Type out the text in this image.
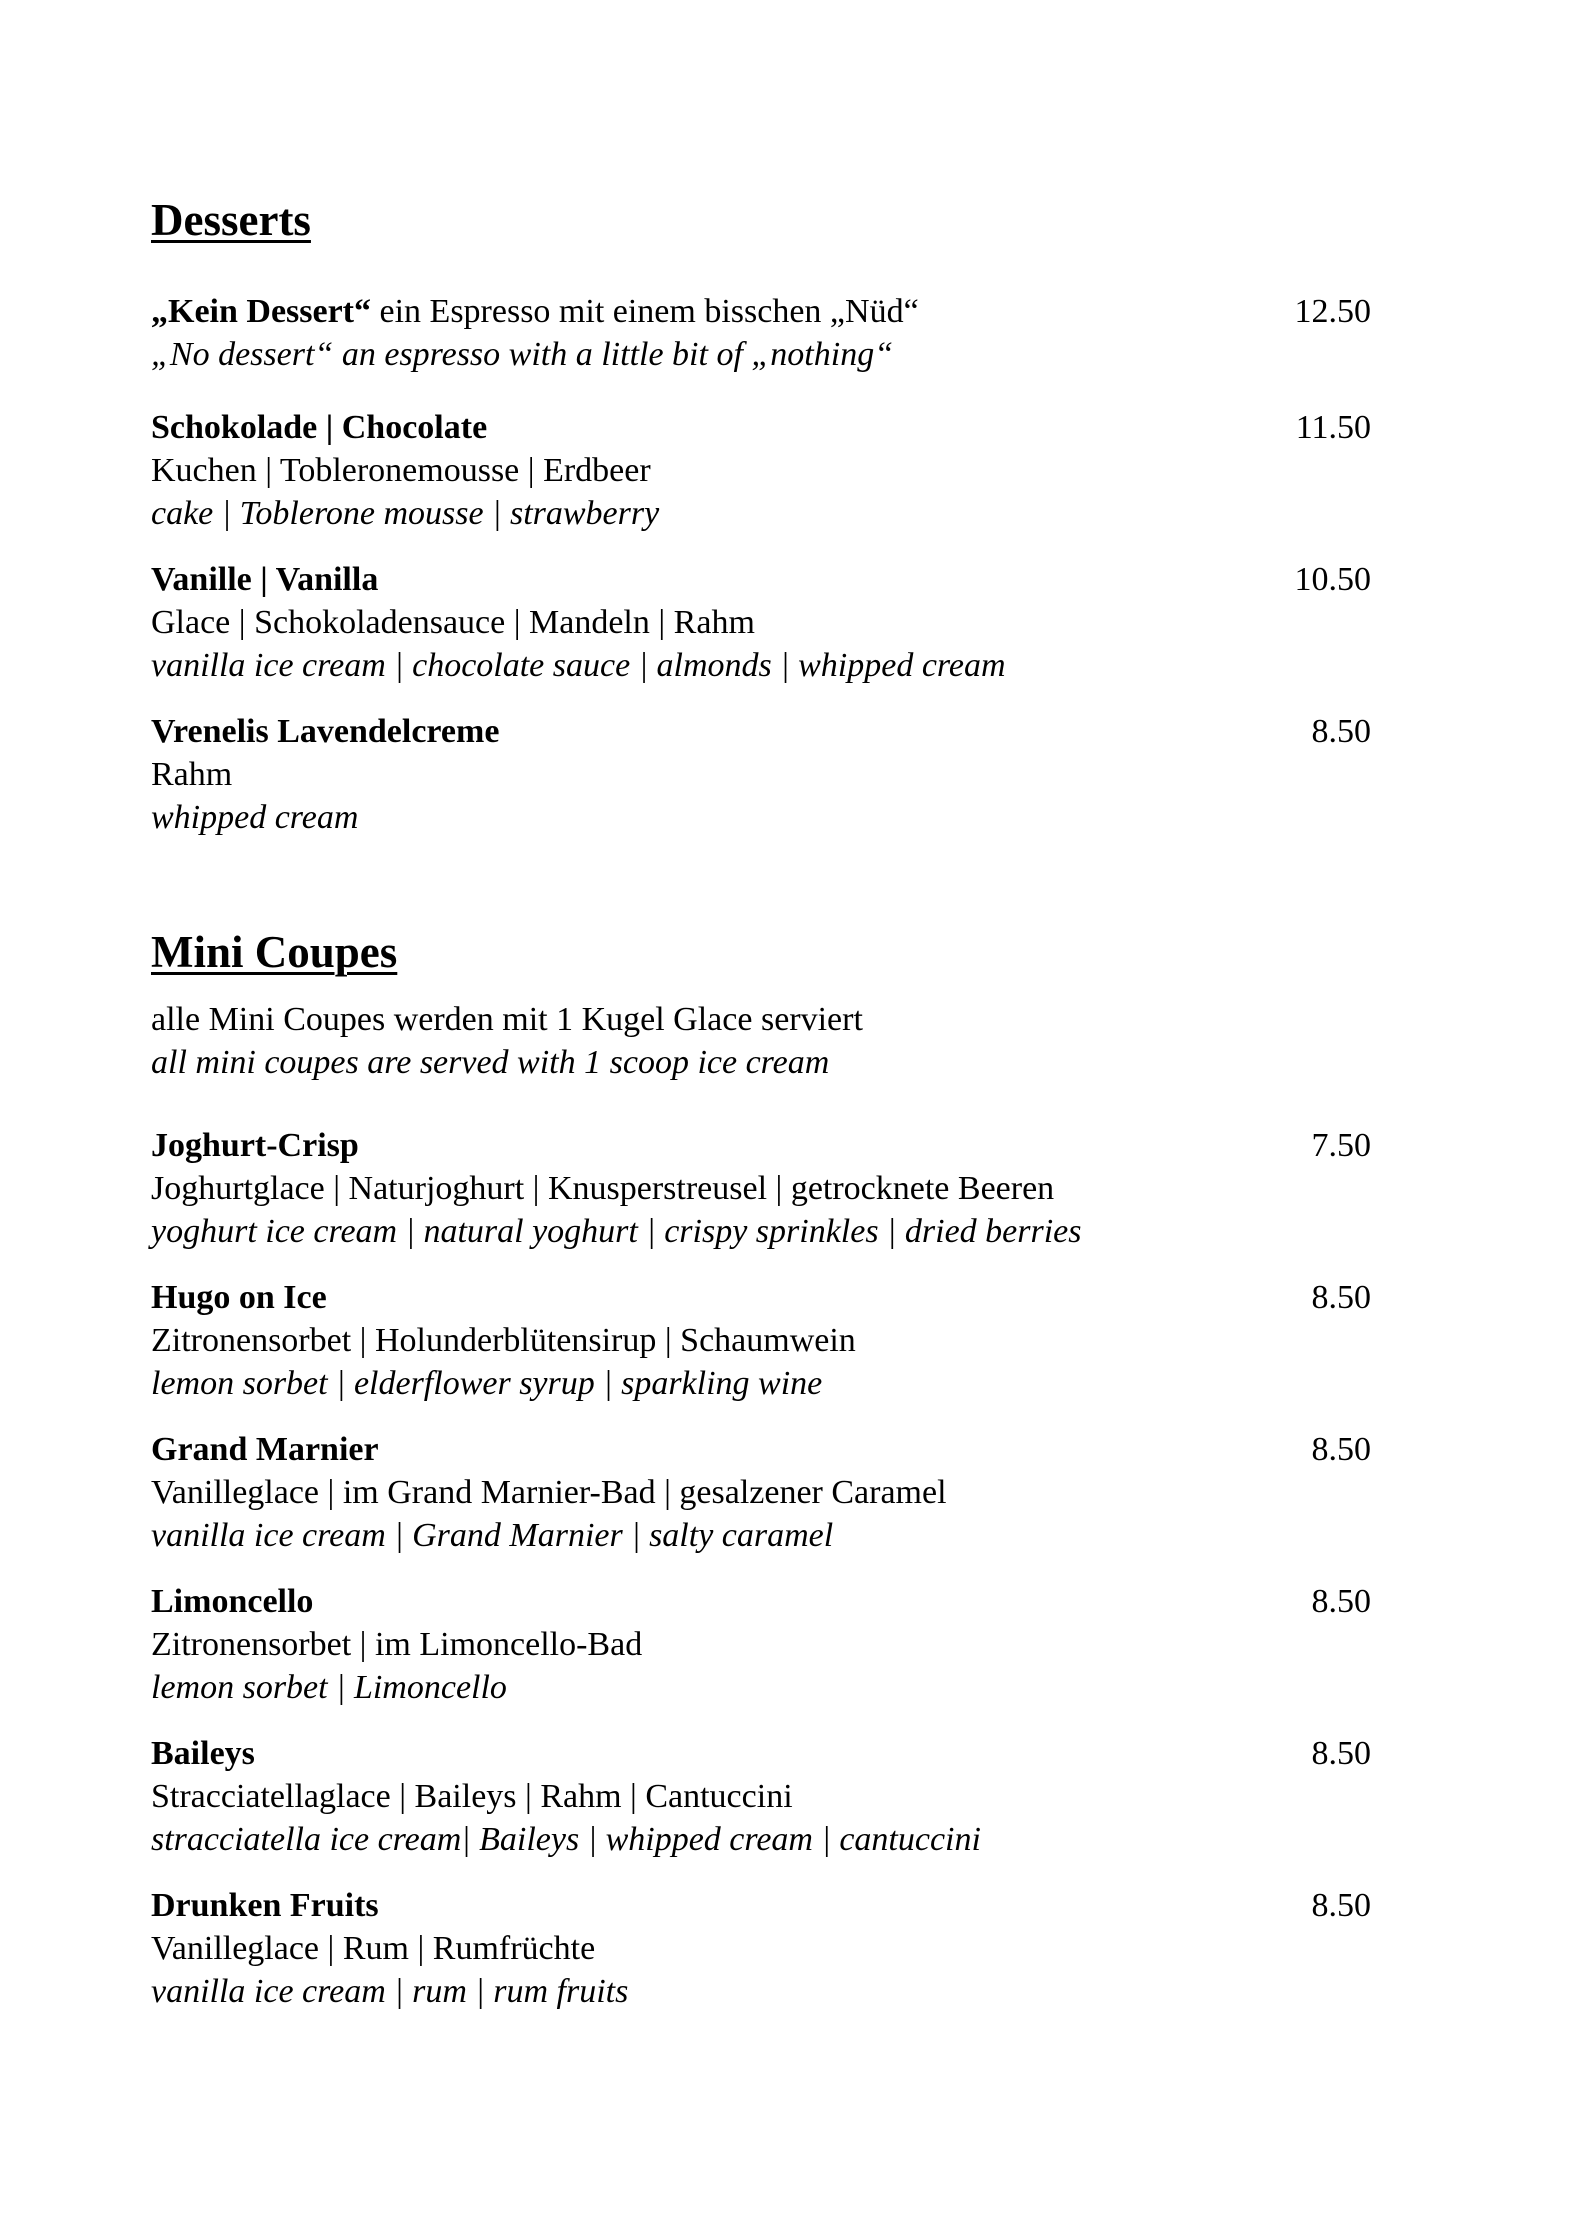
Desserts
„Kein Dessert“ ein Espresso mit einem bisschen „Nüd“
„No dessert“ an espresso with a little bit of „nothing“
12.50
Schokolade | Chocolate
Kuchen | Tobleronemousse | Erdbeer
cake | Toblerone mousse | strawberry
11.50
Vanille | Vanilla
Glace | Schokoladensauce | Mandeln | Rahm
vanilla ice cream | chocolate sauce | almonds | whipped cream
10.50
Vrenelis Lavendelcreme
Rahm
whipped cream
8.50
Mini Coupes
alle Mini Coupes werden mit 1 Kugel Glace serviert
all mini coupes are served with 1 scoop ice cream
Joghurt-Crisp
Joghurtglace | Naturjoghurt | Knusperstreusel | getrocknete Beeren
yoghurt ice cream | natural yoghurt | crispy sprinkles | dried berries
7.50
Hugo on Ice
Zitronensorbet | Holunderblütensirup | Schaumwein
lemon sorbet | elderflower syrup | sparkling wine
8.50
Grand Marnier
Vanilleglace | im Grand Marnier-Bad | gesalzener Caramel
vanilla ice cream | Grand Marnier | salty caramel
8.50
Limoncello
Zitronensorbet | im Limoncello-Bad
lemon sorbet | Limoncello
8.50
Baileys
Stracciatellaglace | Baileys | Rahm | Cantuccini
stracciatella ice cream| Baileys | whipped cream | cantuccini
8.50
Drunken Fruits
Vanilleglace | Rum | Rumfrüchte
vanilla ice cream | rum | rum fruits
8.50
